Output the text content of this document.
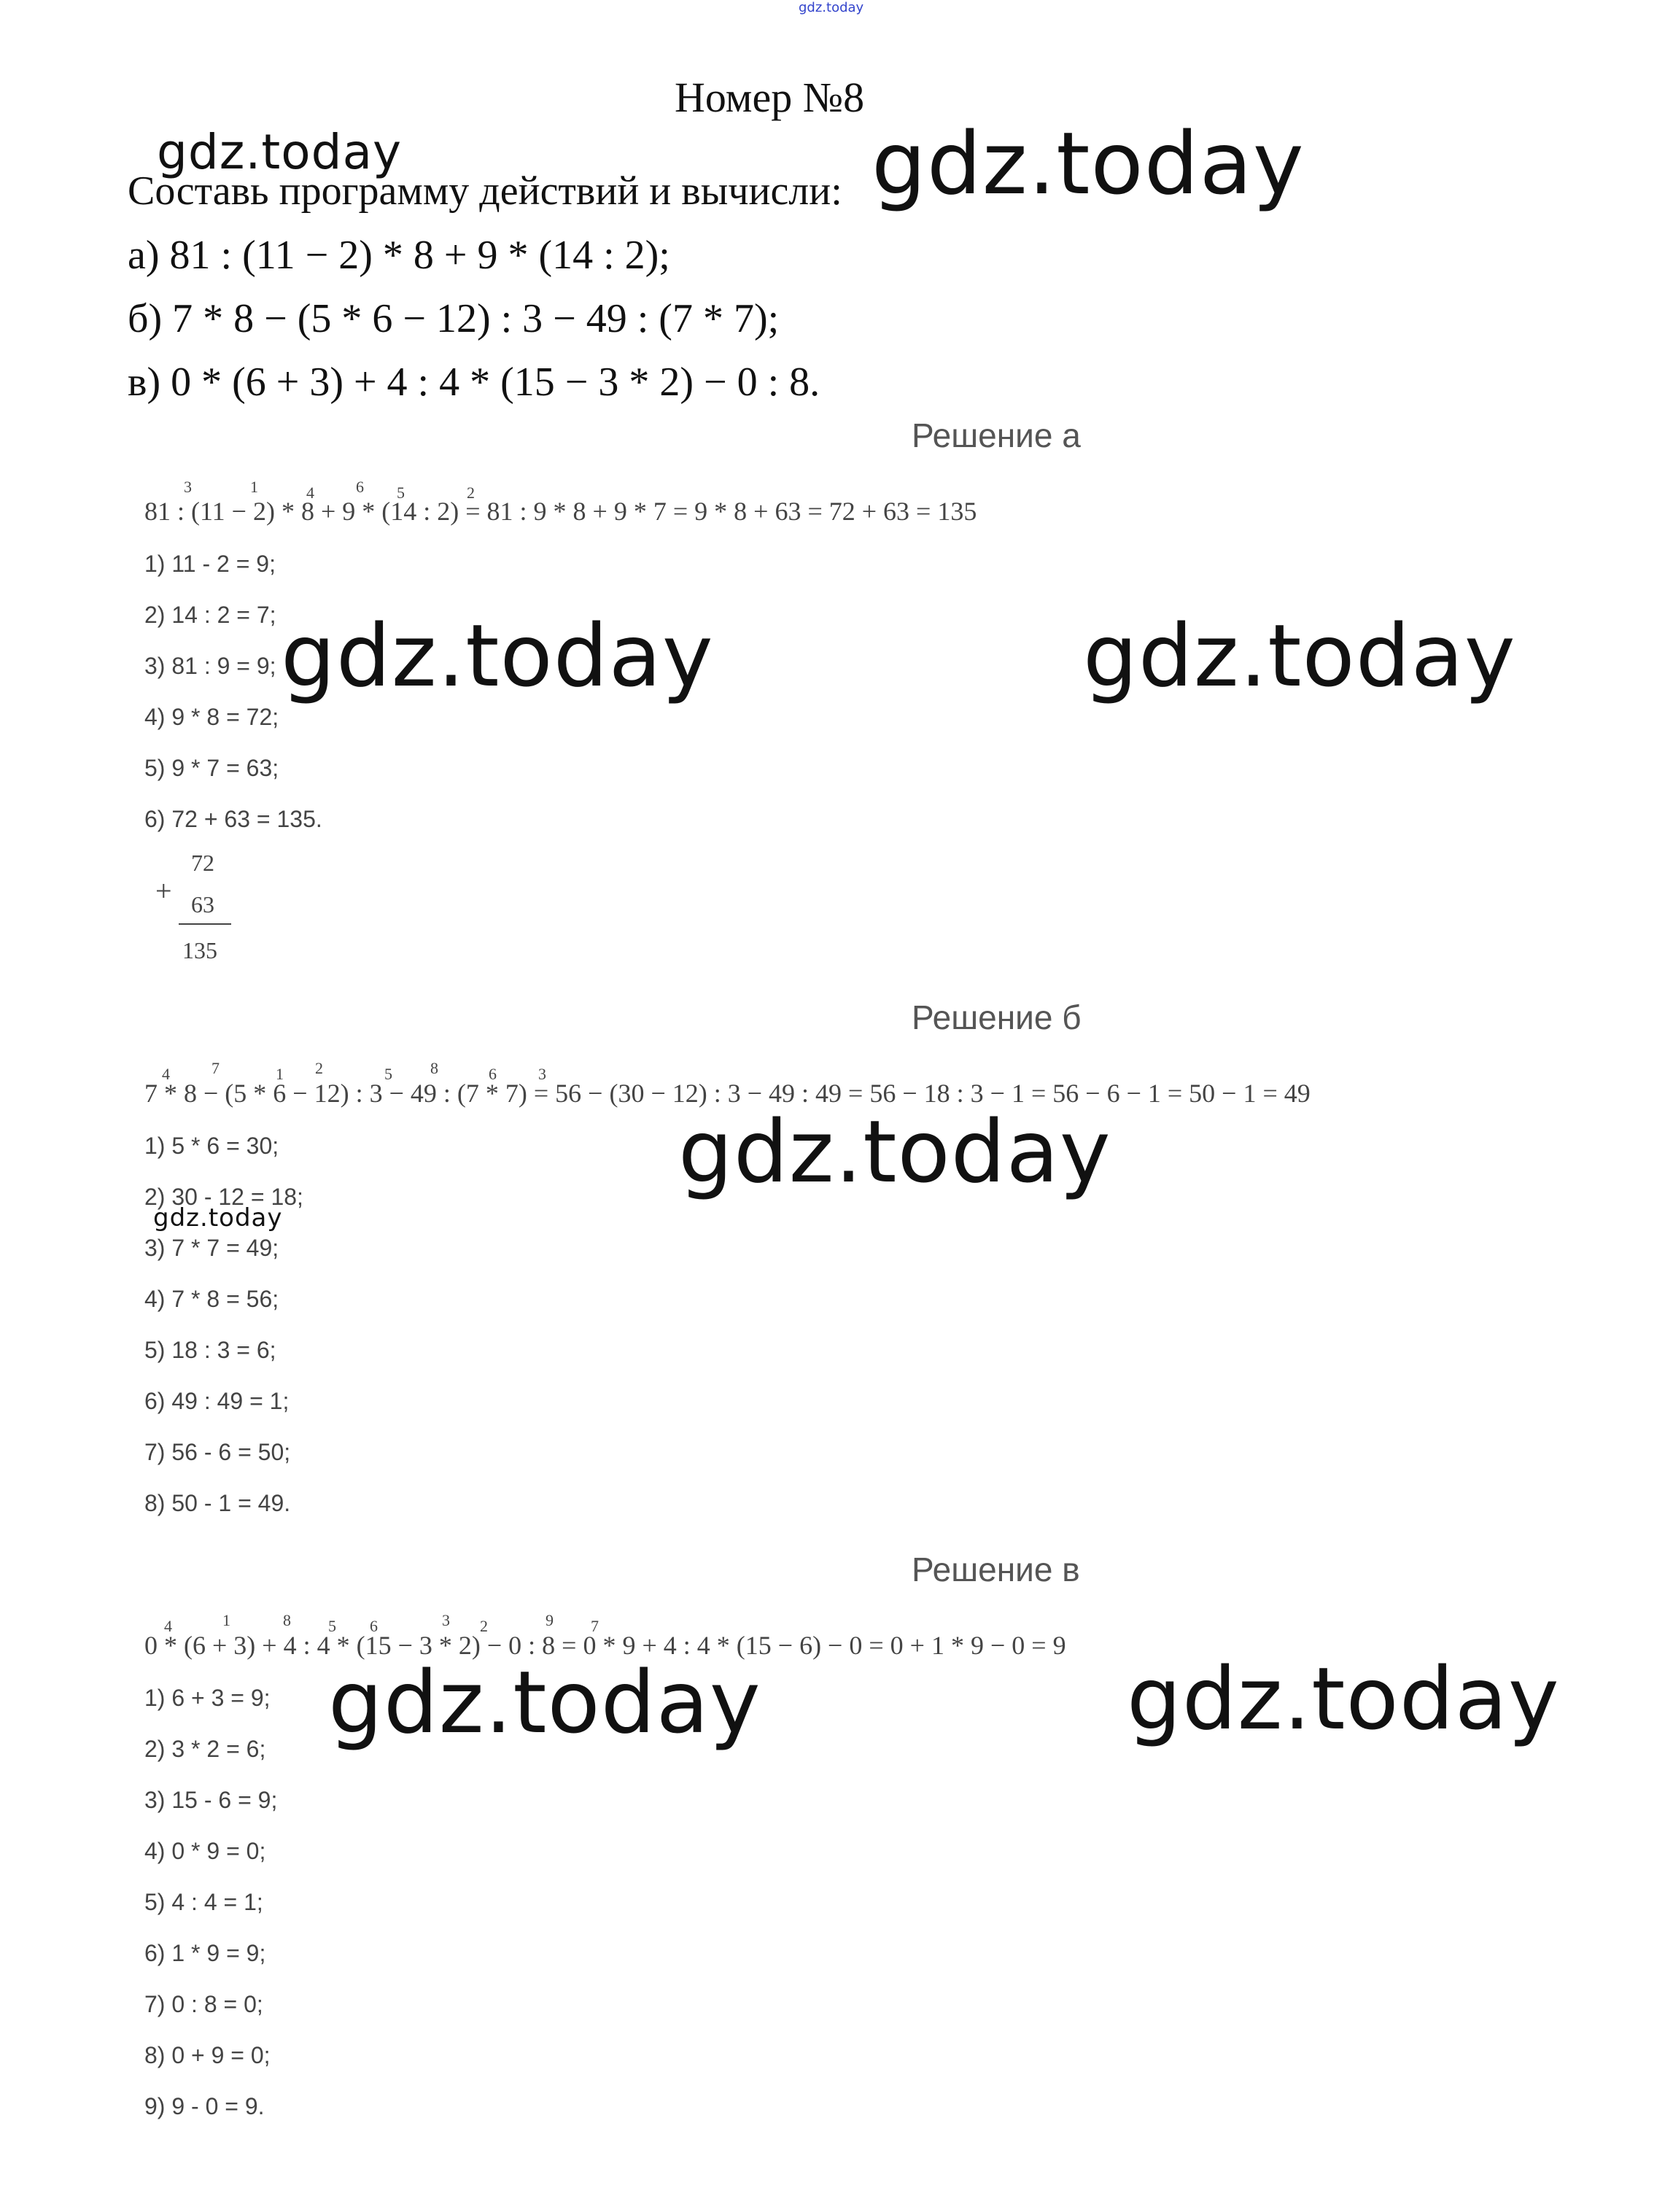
gdz.today
Номер №8
gdz.today	gdz.today
gdz.today	gdz.today
gdz.today
gdz.today
gdz.today	gdz.today
Составь программу действий и вычисли:
а) 81 : (11 − 2) * 8 + 9 * (14 : 2);
б) 7 * 8 − (5 * 6 − 12) : 3 − 49 : (7 * 7);
в) 0 * (6 + 3) + 4 : 4 * (15 − 3 * 2) − 0 : 8.
Решение а
81 : (11 − 2) * 8 + 9 * (14 : 2) = 81 : 9 * 8 + 9 * 7 = 9 * 8 + 63 = 72 + 63 = 135
3	1	4	6 5	2
1) 11 - 2 = 9;
2) 14 : 2 = 7;
3) 81 : 9 = 9;
4) 9 * 8 = 72;
5) 9 * 7 = 63;
6) 72 + 63 = 135.
+
72
63
135
Решение б
7 * 8 − (5 * 6 − 12) : 3 − 49 : (7 * 7) = 56 − (30 − 12) : 3 − 49 : 49 = 56 − 18 : 3 − 1 = 56 − 6 − 1 = 50 − 1 = 49
4	7	1 2	5 8	6	3
1) 5 * 6 = 30;
2) 30 - 12 = 18;
3) 7 * 7 = 49;
4) 7 * 8 = 56;
5) 18 : 3 = 6;
6) 49 : 49 = 1;
7) 56 - 6 = 50;
8) 50 - 1 = 49.
Решение в
0 * (6 + 3) + 4 : 4 * (15 − 3 * 2) − 0 : 8 = 0 * 9 + 4 : 4 * (15 − 6) − 0 = 0 + 1 * 9 − 0 = 9
4	1	8 5 6	3 2	9 7
1) 6 + 3 = 9;
2) 3 * 2 = 6;
3) 15 - 6 = 9;
4) 0 * 9 = 0;
5) 4 : 4 = 1;
6) 1 * 9 = 9;
7) 0 : 8 = 0;
8) 0 + 9 = 0;
9) 9 - 0 = 9.
